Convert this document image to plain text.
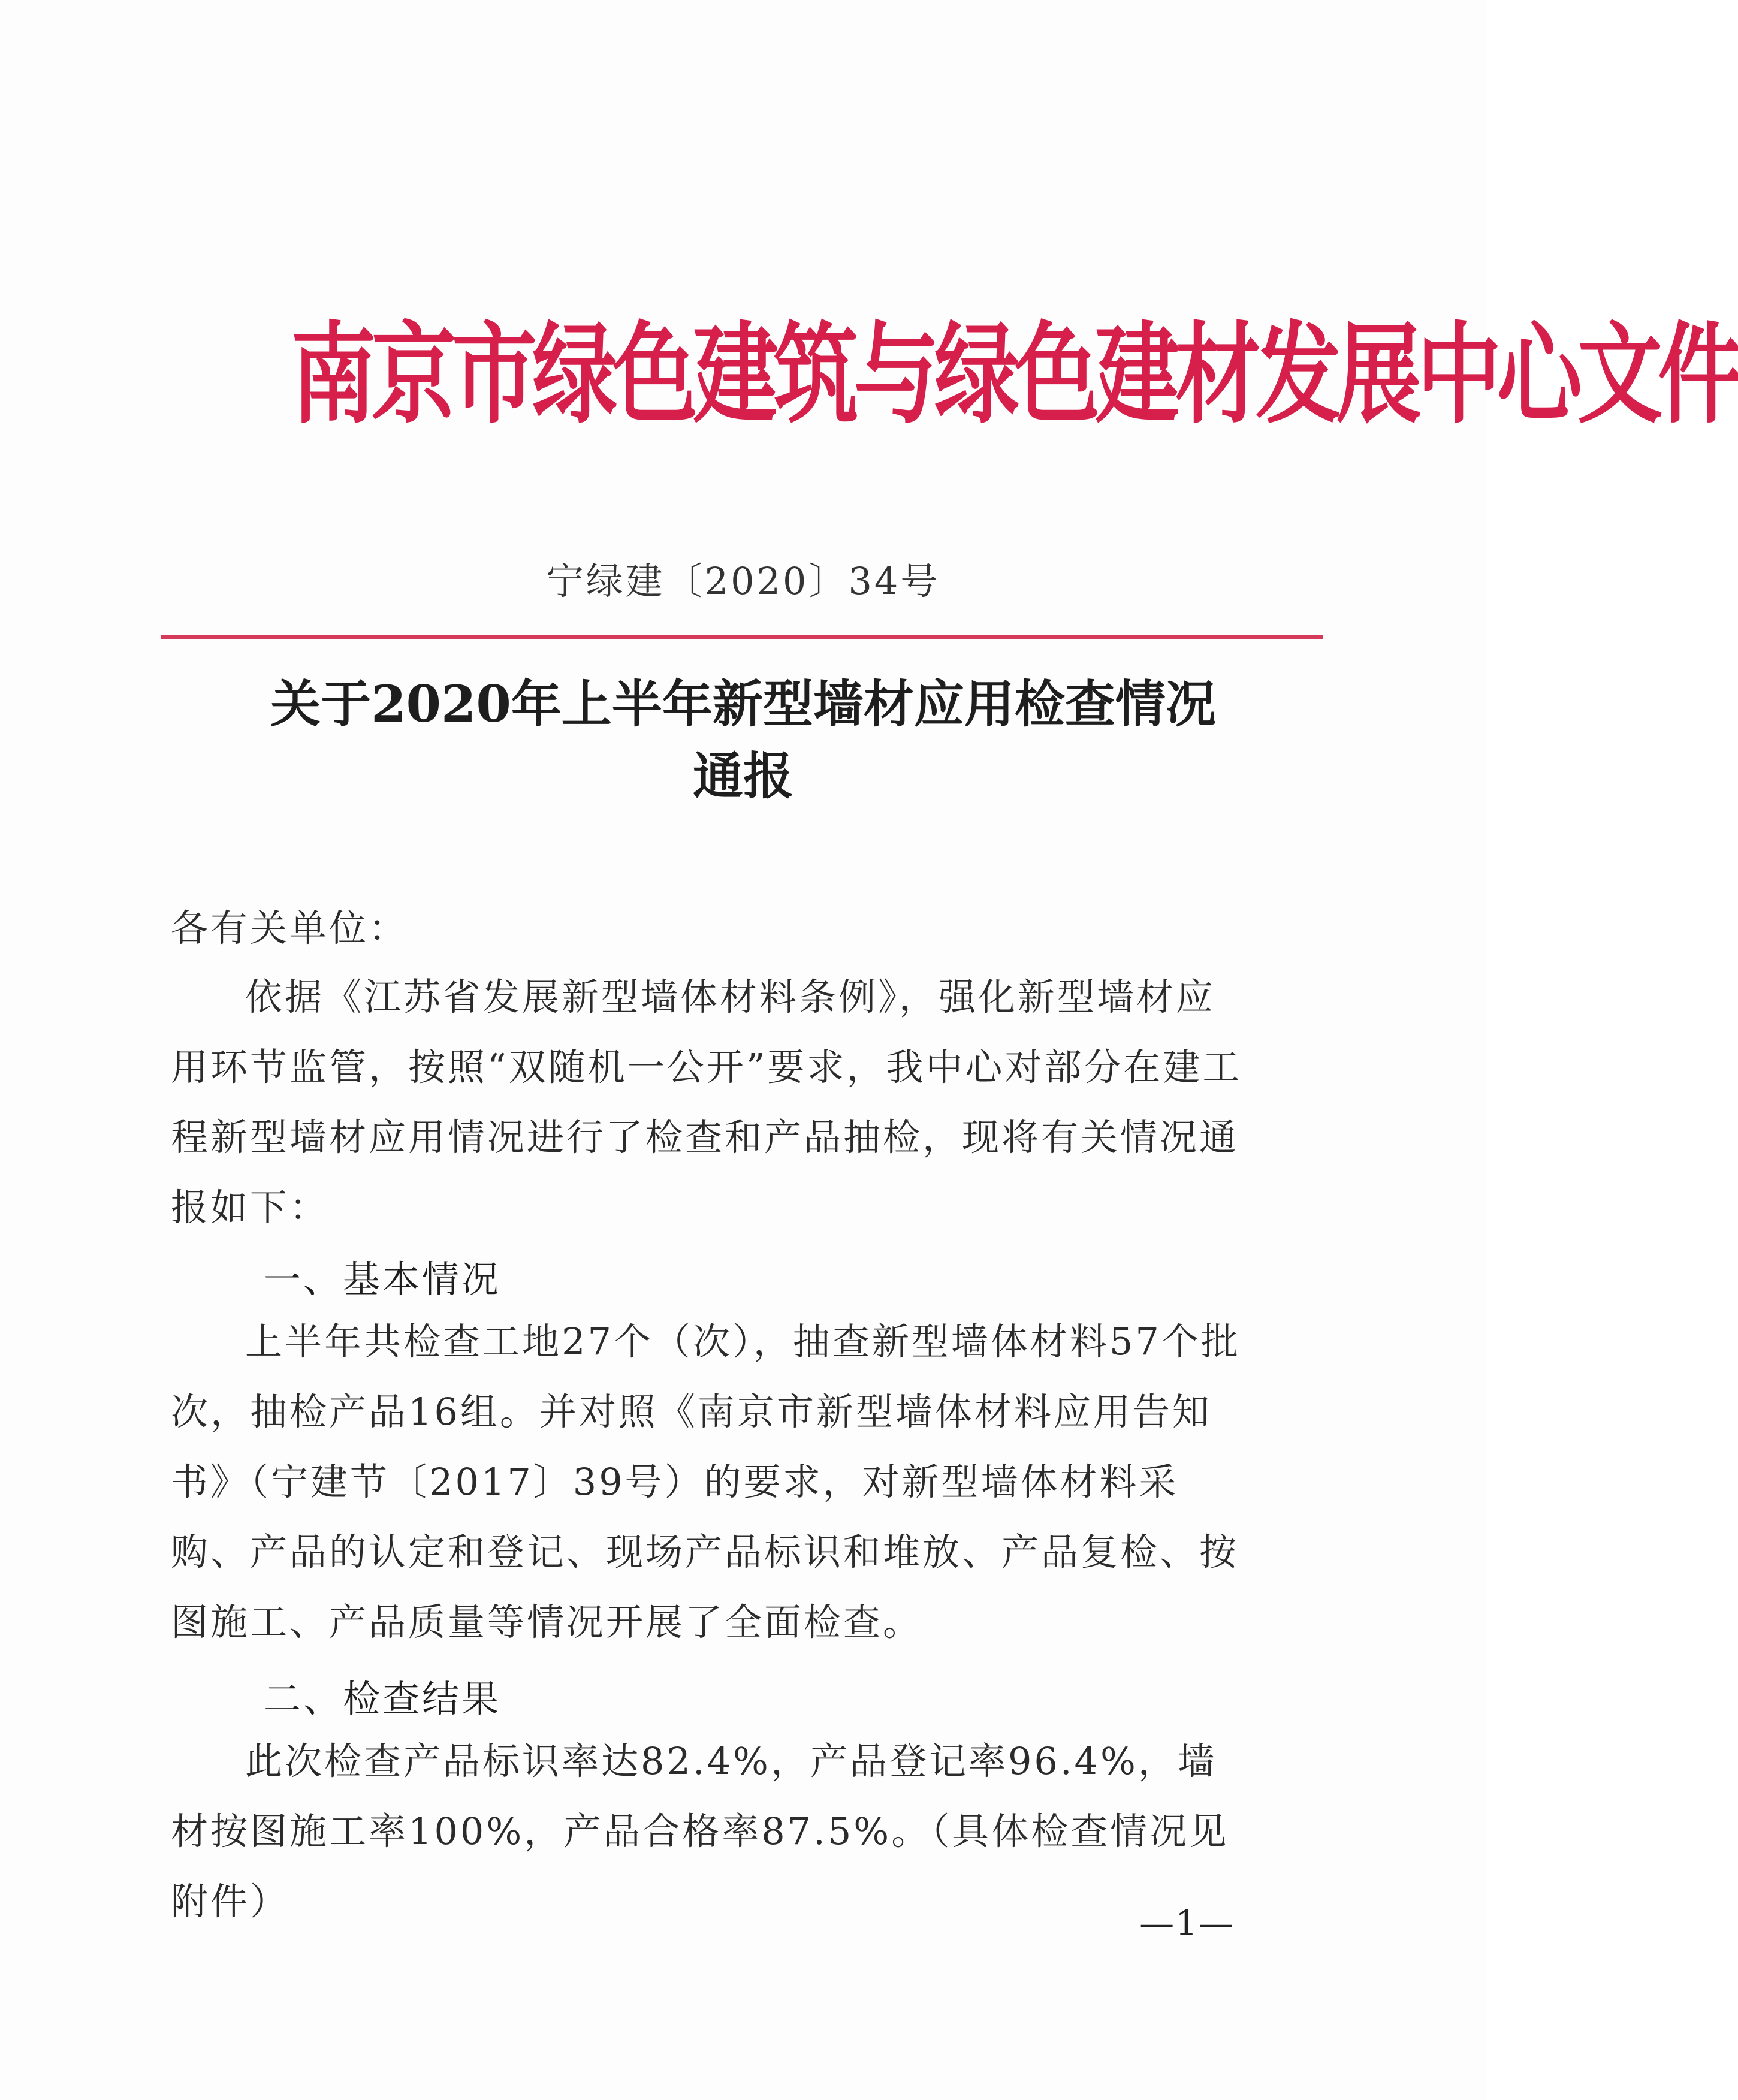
南京市绿色建筑与绿色建材发展中心文件
宁绿建〔2020〕34号
关于2020年上半年新型墙材应用检查情况
通报
各有关单位：
依据《江苏省发展新型墙体材料条例》，强化新型墙材应用环节监管，按照“双随机一公开”要求，我中心对部分在建工程新型墙材应用情况进行了检查和产品抽检，现将有关情况通报如下：
一、基本情况
上半年共检查工地27个（次），抽查新型墙体材料57个批次，抽检产品16组。并对照《南京市新型墙体材料应用告知书》（宁建节〔2017〕39号）的要求，对新型墙体材料采购、产品的认定和登记、现场产品标识和堆放、产品复检、按图施工、产品质量等情况开展了全面检查。
二、检查结果
此次检查产品标识率达82.4%，产品登记率96.4%，墙材按图施工率100%，产品合格率87.5%。（具体检查情况见附件）	—1—
